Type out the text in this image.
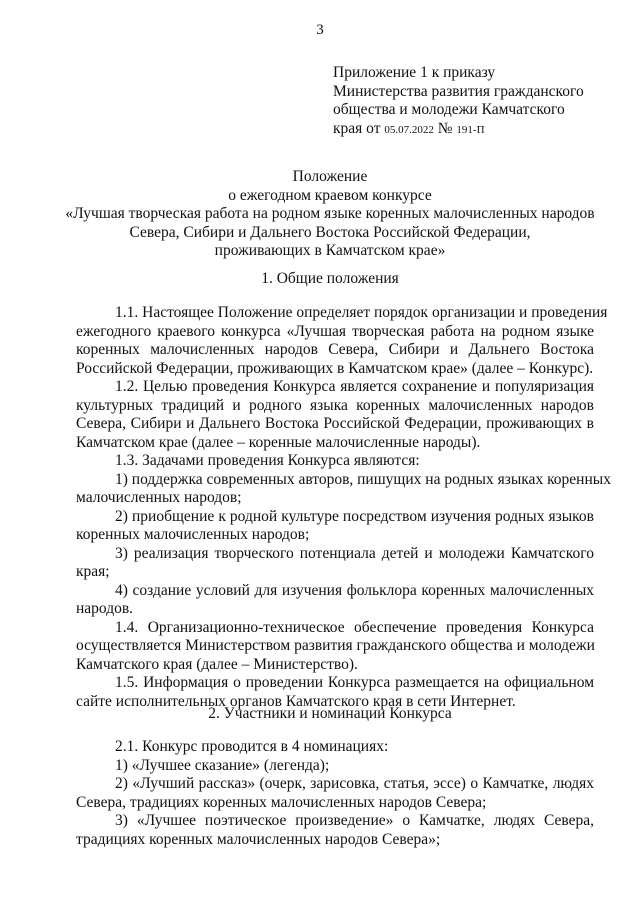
3
Приложение 1 к приказу
Министерства развития гражданского
общества и молодежи Камчатского
края от 05.07.2022 № 191-П
Положение
о ежегодном краевом конкурсе
«Лучшая творческая работа на родном языке коренных малочисленных народов
Севера, Сибири и Дальнего Востока Российской Федерации,
проживающих в Камчатском крае»
1. Общие положения
1.1. Настоящее Положение определяет порядок организации и проведения
ежегодного краевого конкурса «Лучшая творческая работа на родном языке
коренных малочисленных народов Севера, Сибири и Дальнего Востока
Российской Федерации, проживающих в Камчатском крае» (далее – Конкурс).
1.2. Целью проведения Конкурса является сохранение и популяризация
культурных традиций и родного языка коренных малочисленных народов
Севера, Сибири и Дальнего Востока Российской Федерации, проживающих в
Камчатском крае (далее – коренные малочисленные народы).
1.3. Задачами проведения Конкурса являются:
1) поддержка современных авторов, пишущих на родных языках коренных
малочисленных народов;
2) приобщение к родной культуре посредством изучения родных языков
коренных малочисленных народов;
3) реализация творческого потенциала детей и молодежи Камчатского
края;
4) создание условий для изучения фольклора коренных малочисленных
народов.
1.4. Организационно-техническое обеспечение проведения Конкурса
осуществляется Министерством развития гражданского общества и молодежи
Камчатского края (далее – Министерство).
1.5. Информация о проведении Конкурса размещается на официальном
сайте исполнительных органов Камчатского края в сети Интернет.
2. Участники и номинации Конкурса
2.1. Конкурс проводится в 4 номинациях:
1) «Лучшее сказание» (легенда);
2) «Лучший рассказ» (очерк, зарисовка, статья, эссе) о Камчатке, людях
Севера, традициях коренных малочисленных народов Севера;
3) «Лучшее поэтическое произведение» о Камчатке, людях Севера,
традициях коренных малочисленных народов Севера»;
